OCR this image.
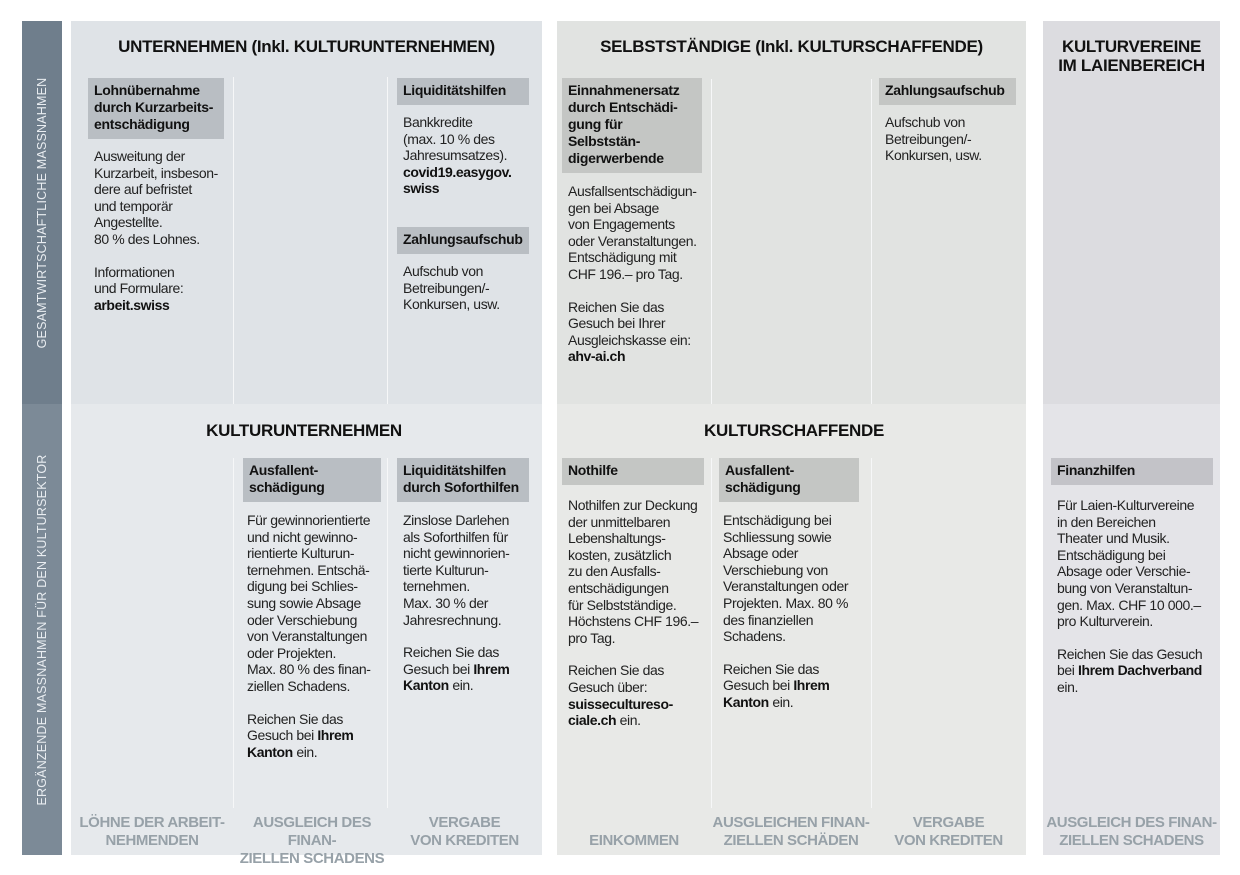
GESAMTWIRTSCHAFTLICHE MASSNAHMEN
ERGÄNZENDE MASSNAHMEN FÜR DEN KULTURSEKTOR
UNTERNEHMEN (Inkl. KULTURUNTERNEHMEN)
Lohnübernahme
durch Kurzarbeits-
entschädigung

Ausweitung der
Kurzarbeit, insbeson-
dere auf befristet
und temporär
Angestellte.
80 % des Lohnes.

Informationen
und Formulare:
arbeit.swiss

Liquiditätshilfen

Bankkredite
(max. 10 % des
Jahresumsatzes).
covid19.easygov.
swiss

Zahlungsaufschub

Aufschub von
Betreibungen/-
Konkursen, usw.

KULTURUNTERNEHMEN
Ausfallent-
schädigung

Für gewinnorientierte
und nicht gewinno-
rientierte Kulturun-
ternehmen. Entschä-
digung bei Schlies-
sung sowie Absage
oder Verschiebung
von Veranstaltungen
oder Projekten.
Max. 80 % des finan-
ziellen Schadens.

Reichen Sie das
Gesuch bei Ihrem
Kanton ein.

Liquiditätshilfen
durch Soforthilfen

Zinslose Darlehen
als Soforthilfen für
nicht gewinnorien-
tierte Kulturun-
ternehmen.
Max. 30 % der
Jahresrechnung.

Reichen Sie das
Gesuch bei Ihrem
Kanton ein.

LÖHNE DER ARBEIT-
NEHMENDEN
AUSGLEICH DES FINAN-
ZIELLEN SCHADENS
VERGABE
VON KREDITEN
SELBSTSTÄNDIGE (Inkl. KULTURSCHAFFENDE)
Einnahmenersatz
durch Entschädi-
gung für Selbststän-
digerwerbende

Ausfallsentschädigun-
gen bei Absage
von Engagements
oder Veranstaltungen.
Entschädigung mit
CHF 196.– pro Tag.

Reichen Sie das
Gesuch bei Ihrer
Ausgleichskasse ein:
ahv-ai.ch

Zahlungsaufschub

Aufschub von
Betreibungen/-
Konkursen, usw.

KULTURSCHAFFENDE
Nothilfe

Nothilfen zur Deckung
der unmittelbaren
Lebenshaltungs-
kosten, zusätzlich
zu den Ausfalls-
entschädigungen
für Selbstständige.
Höchstens CHF 196.–
pro Tag.

Reichen Sie das
Gesuch über:
suissecultureso-
ciale.ch ein.

Ausfallent-
schädigung

Entschädigung bei
Schliessung sowie
Absage oder
Verschiebung von
Veranstaltungen oder
Projekten. Max. 80 %
des finanziellen
Schadens.

Reichen Sie das
Gesuch bei Ihrem
Kanton ein.

EINKOMMEN
AUSGLEICHEN FINAN-
ZIELLEN SCHÄDEN
VERGABE
VON KREDITEN
KULTURVEREINE
IM LAIENBEREICH
Finanzhilfen

Für Laien-Kulturvereine
in den Bereichen
Theater und Musik.
Entschädigung bei
Absage oder Verschie-
bung von Veranstaltun-
gen. Max. CHF 10 000.–
pro Kulturverein.

Reichen Sie das Gesuch
bei Ihrem Dachverband
ein.

AUSGLEICH DES FINAN-
ZIELLEN SCHADENS
